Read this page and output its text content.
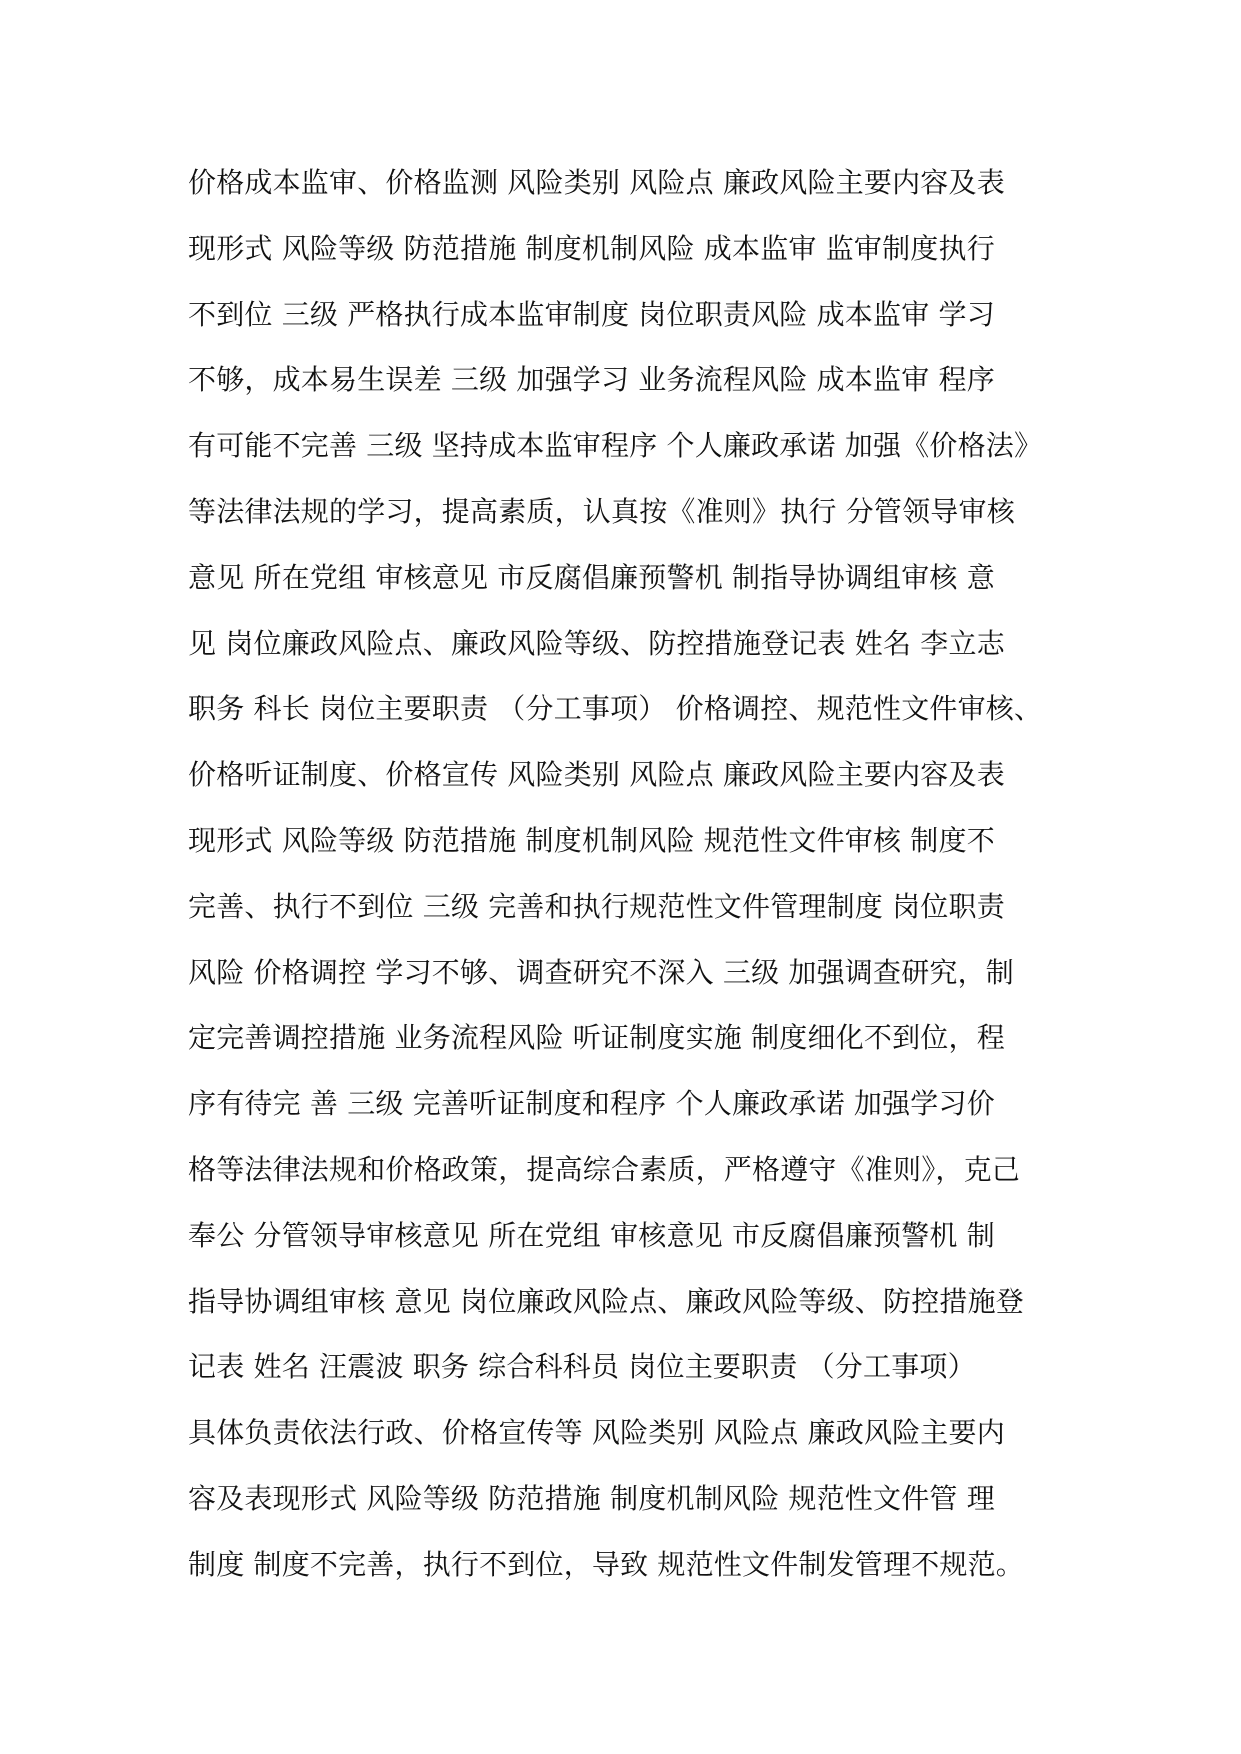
价格成本监审、价格监测 风险类别 风险点 廉政风险主要内容及表
现形式 风险等级 防范措施 制度机制风险 成本监审 监审制度执行
不到位 三级 严格执行成本监审制度 岗位职责风险 成本监审 学习
不够，成本易生误差 三级 加强学习 业务流程风险 成本监审 程序
有可能不完善 三级 坚持成本监审程序 个人廉政承诺 加强《价格法》
等法律法规的学习，提高素质，认真按《准则》执行 分管领导审核
意见 所在党组 审核意见 市反腐倡廉预警机 制指导协调组审核 意
见 岗位廉政风险点、廉政风险等级、防控措施登记表 姓名 李立志
职务 科长 岗位主要职责 （分工事项） 价格调控、规范性文件审核、
价格听证制度、价格宣传 风险类别 风险点 廉政风险主要内容及表
现形式 风险等级 防范措施 制度机制风险 规范性文件审核 制度不
完善、执行不到位 三级 完善和执行规范性文件管理制度 岗位职责
风险 价格调控 学习不够、调查研究不深入 三级 加强调查研究，制
定完善调控措施 业务流程风险 听证制度实施 制度细化不到位，程
序有待完 善 三级 完善听证制度和程序 个人廉政承诺 加强学习价
格等法律法规和价格政策，提高综合素质，严格遵守《准则》，克己
奉公 分管领导审核意见 所在党组 审核意见 市反腐倡廉预警机 制
指导协调组审核 意见 岗位廉政风险点、廉政风险等级、防控措施登
记表 姓名 汪震波 职务 综合科科员 岗位主要职责 （分工事项）
具体负责依法行政、价格宣传等 风险类别 风险点 廉政风险主要内
容及表现形式 风险等级 防范措施 制度机制风险 规范性文件管 理
制度 制度不完善，执行不到位，导致 规范性文件制发管理不规范。
